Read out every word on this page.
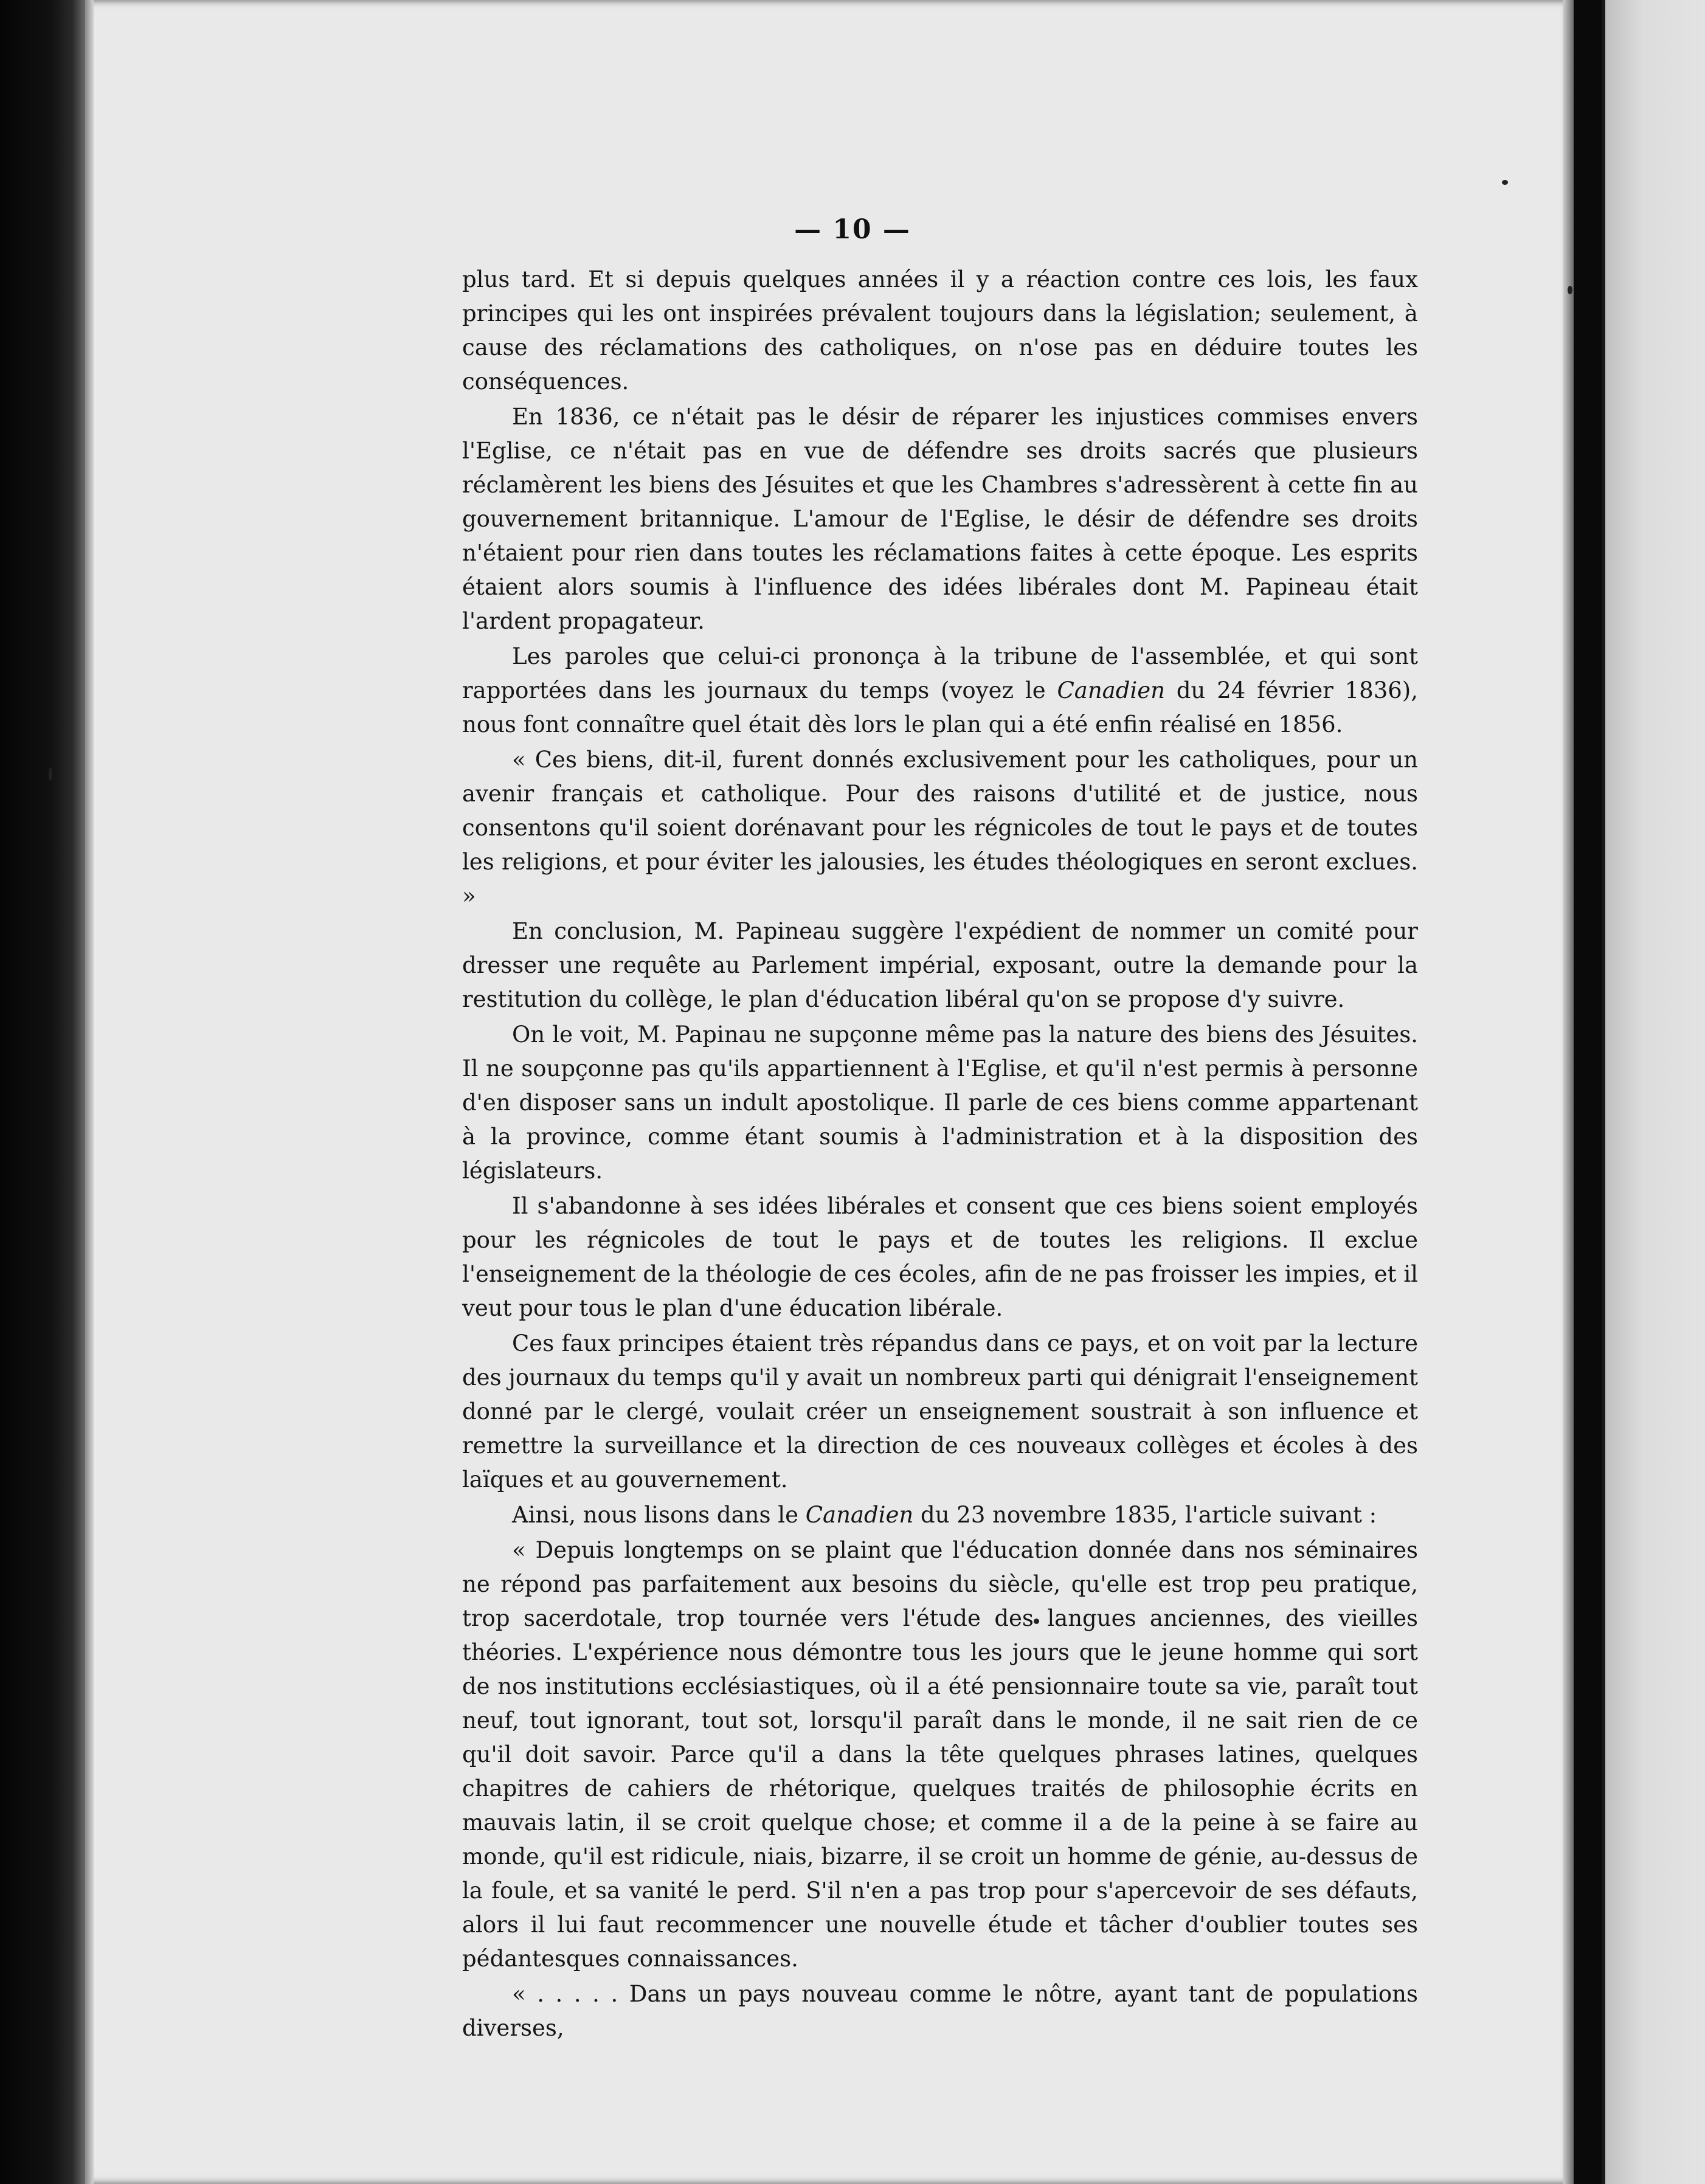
— 10 —

plus tard. Et si depuis quelques années il y a réaction contre ces lois, les faux principes qui les ont inspirées prévalent toujours dans la législation; seulement, à cause des réclamations des catholiques, on n'ose pas en déduire toutes les conséquences.

En 1836, ce n'était pas le désir de réparer les injustices commises envers l'Eglise, ce n'était pas en vue de défendre ses droits sacrés que plusieurs réclamèrent les biens des Jésuites et que les Chambres s'adressèrent à cette fin au gouvernement britannique. L'amour de l'Eglise, le désir de défendre ses droits n'étaient pour rien dans toutes les réclamations faites à cette époque. Les esprits étaient alors soumis à l'influence des idées libérales dont M. Papineau était l'ardent propagateur.

Les paroles que celui-ci prononça à la tribune de l'assemblée, et qui sont rapportées dans les journaux du temps (voyez le Canadien du 24 février 1836), nous font connaître quel était dès lors le plan qui a été enfin réalisé en 1856.

« Ces biens, dit-il, furent donnés exclusivement pour les catholiques, pour un avenir français et catholique. Pour des raisons d'utilité et de justice, nous consentons qu'il soient dorénavant pour les régnicoles de tout le pays et de toutes les religions, et pour éviter les jalousies, les études théologiques en seront exclues. »

En conclusion, M. Papineau suggère l'expédient de nommer un comité pour dresser une requête au Parlement impérial, exposant, outre la demande pour la restitution du collège, le plan d'éducation libéral qu'on se propose d'y suivre.

On le voit, M. Papinau ne supçonne même pas la nature des biens des Jésuites. Il ne soupçonne pas qu'ils appartiennent à l'Eglise, et qu'il n'est permis à personne d'en disposer sans un indult apostolique. Il parle de ces biens comme appartenant à la province, comme étant soumis à l'administration et à la disposition des législateurs.

Il s'abandonne à ses idées libérales et consent que ces biens soient employés pour les régnicoles de tout le pays et de toutes les religions. Il exclue l'enseignement de la théologie de ces écoles, afin de ne pas froisser les impies, et il veut pour tous le plan d'une éducation libérale.

Ces faux principes étaient très répandus dans ce pays, et on voit par la lecture des journaux du temps qu'il y avait un nombreux parti qui dénigrait l'enseignement donné par le clergé, voulait créer un enseignement soustrait à son influence et remettre la surveillance et la direction de ces nouveaux collèges et écoles à des laïques et au gouvernement.

Ainsi, nous lisons dans le Canadien du 23 novembre 1835, l'article suivant :

« Depuis longtemps on se plaint que l'éducation donnée dans nos séminaires ne répond pas parfaitement aux besoins du siècle, qu'elle est trop peu pratique, trop sacerdotale, trop tournée vers l'étude des langues anciennes, des vieilles théories. L'expérience nous démontre tous les jours que le jeune homme qui sort de nos institutions ecclésiastiques, où il a été pensionnaire toute sa vie, paraît tout neuf, tout ignorant, tout sot, lorsqu'il paraît dans le monde, il ne sait rien de ce qu'il doit savoir. Parce qu'il a dans la tête quelques phrases latines, quelques chapitres de cahiers de rhétorique, quelques traités de philosophie écrits en mauvais latin, il se croit quelque chose; et comme il a de la peine à se faire au monde, qu'il est ridicule, niais, bizarre, il se croit un homme de génie, au-dessus de la foule, et sa vanité le perd. S'il n'en a pas trop pour s'apercevoir de ses défauts, alors il lui faut recommencer une nouvelle étude et tâcher d'oublier toutes ses pédantesques connaissances.

« . . . . . Dans un pays nouveau comme le nôtre, ayant tant de populations diverses,
